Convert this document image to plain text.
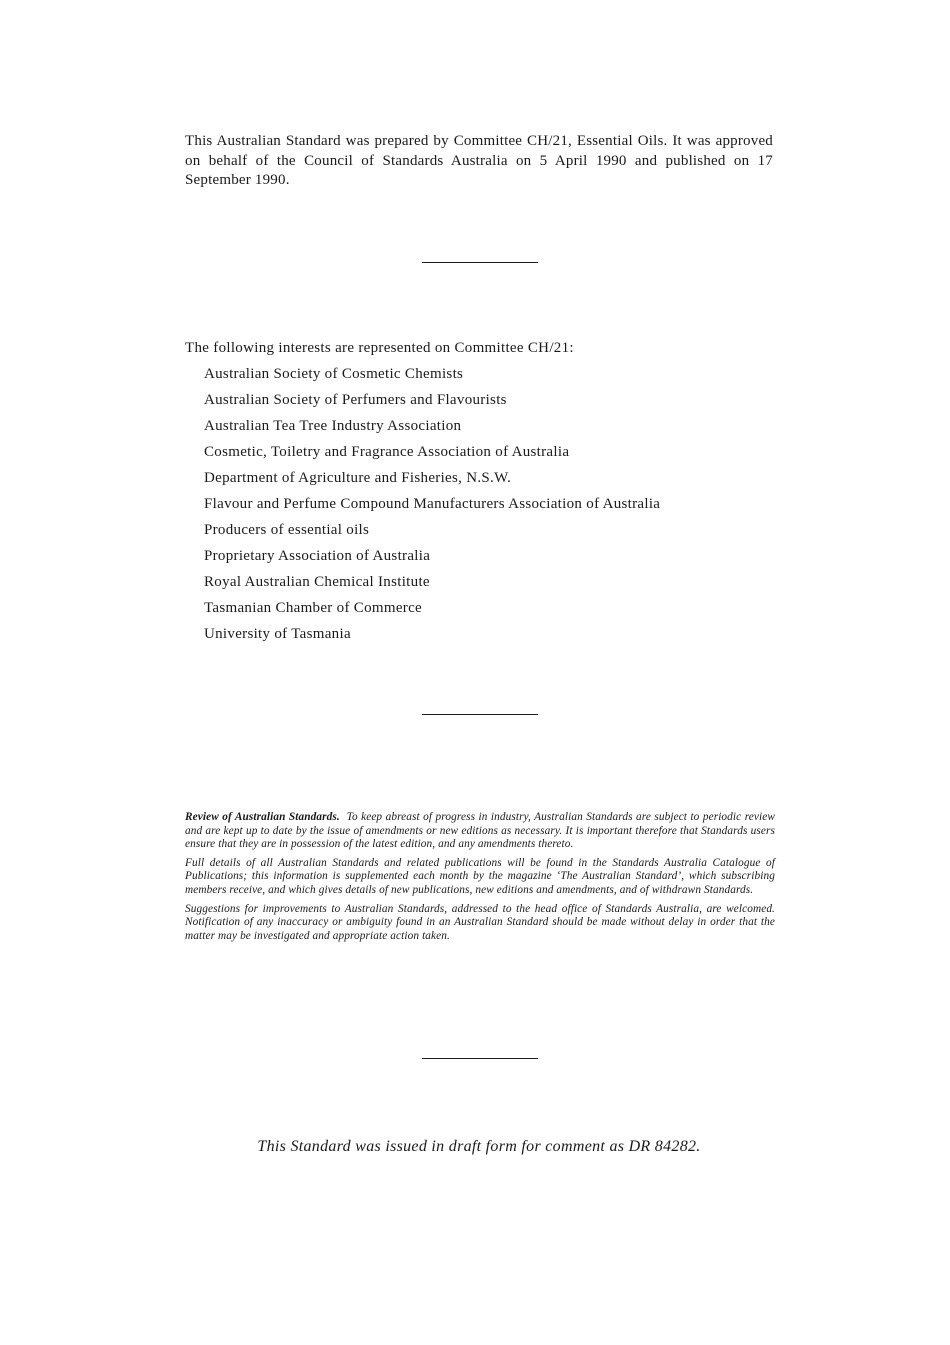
This Australian Standard was prepared by Committee CH/21, Essential Oils. It was approved on behalf of the Council of Standards Australia on 5 April 1990 and published on 17 September 1990.

The following interests are represented on Committee CH/21:

Australian Society of Cosmetic Chemists
Australian Society of Perfumers and Flavourists
Australian Tea Tree Industry Association
Cosmetic, Toiletry and Fragrance Association of Australia
Department of Agriculture and Fisheries, N.S.W.
Flavour and Perfume Compound Manufacturers Association of Australia
Producers of essential oils
Proprietary Association of Australia
Royal Australian Chemical Institute
Tasmanian Chamber of Commerce
University of Tasmania

Review of Australian Standards. To keep abreast of progress in industry, Australian Standards are subject to periodic review and are kept up to date by the issue of amendments or new editions as necessary. It is important therefore that Standards users ensure that they are in possession of the latest edition, and any amendments thereto.

Full details of all Australian Standards and related publications will be found in the Standards Australia Catalogue of Publications; this information is supplemented each month by the magazine ‘The Australian Standard’, which subscribing members receive, and which gives details of new publications, new editions and amendments, and of withdrawn Standards.

Suggestions for improvements to Australian Standards, addressed to the head office of Standards Australia, are welcomed. Notification of any inaccuracy or ambiguity found in an Australian Standard should be made without delay in order that the matter may be investigated and appropriate action taken.

This Standard was issued in draft form for comment as DR 84282.
